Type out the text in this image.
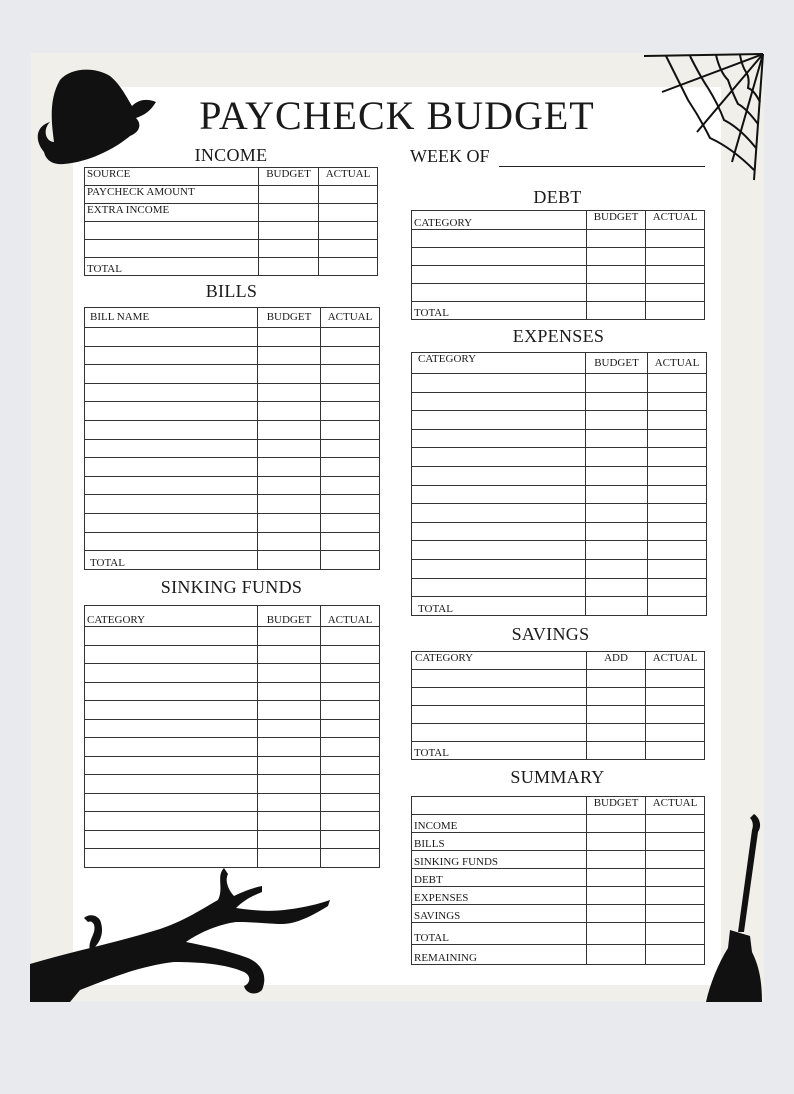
PAYCHECK BUDGET
INCOME
SOURCE	BUDGET	ACTUAL
PAYCHECK AMOUNT		
EXTRA INCOME		

TOTAL		
BILLS
BILL NAME	BUDGET	ACTUAL

TOTAL		
SINKING FUNDS
CATEGORY	BUDGET	ACTUAL

WEEK OF
DEBT
CATEGORY	BUDGET	ACTUAL

TOTAL		
EXPENSES
CATEGORY	BUDGET	ACTUAL

TOTAL		
SAVINGS
CATEGORY	ADD	ACTUAL

TOTAL		
SUMMARY
	BUDGET	ACTUAL
INCOME		
BILLS		
SINKING FUNDS		
DEBT		
EXPENSES		
SAVINGS		
TOTAL		
REMAINING		
